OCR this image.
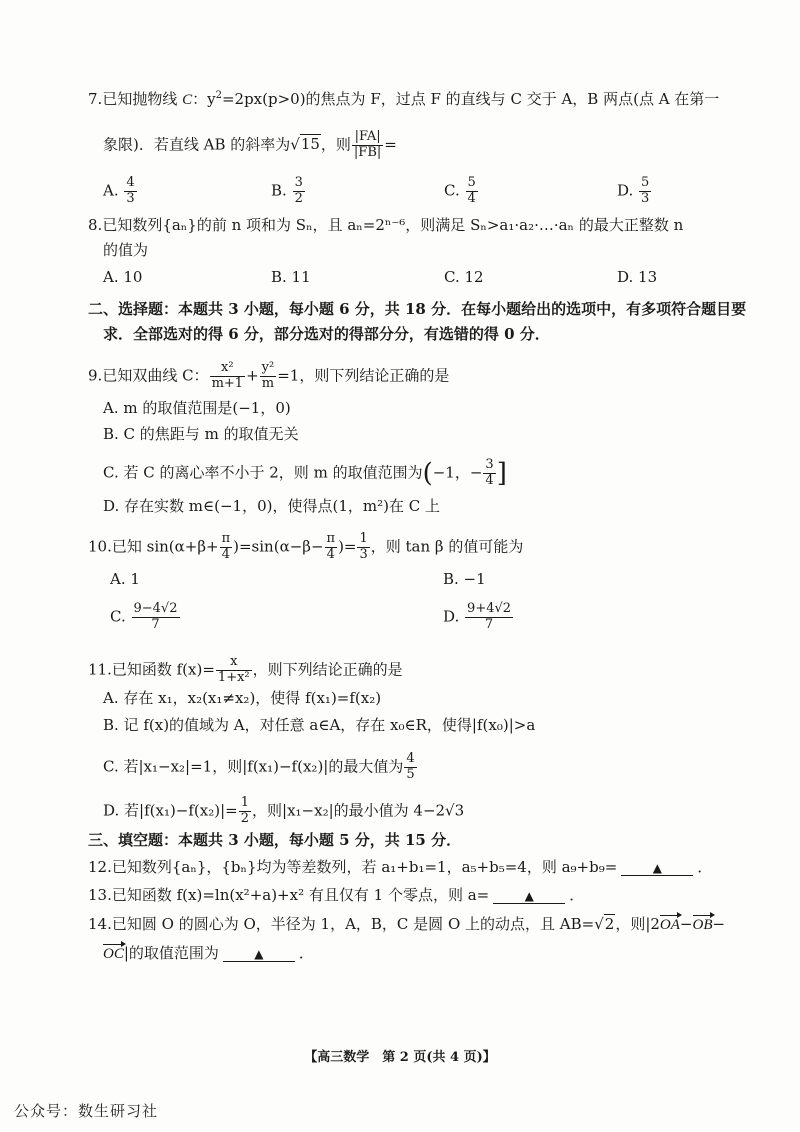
7.已知抛物线 C：$y^2=2px(p>0)$的焦点为 F，过点 F 的直线与 C 交于 A，B 两点(点 A 在第一
象限)．若直线 AB 的斜率为√15，则 $\frac{|FA|}{|FB|}$ =
A. $\frac{4}{3}$	B. $\frac{3}{2}$	C. $\frac{5}{4}$	D. $\frac{5}{3}$
8.已知数列{aₙ}的前 n 项和为 Sₙ，且 aₙ=2ⁿ⁻⁶，则满足 Sₙ>a₁·a₂·…·aₙ 的最大正整数 n
的值为
A. 10	B. 11	C. 12	D. 13
二、选择题：本题共 3 小题，每小题 6 分，共 18 分．在每小题给出的选项中，有多项符合题目要
求．全部选对的得 6 分，部分选对的得部分分，有选错的得 0 分．
9.已知双曲线 C： $\frac{\text{x²}}{m+1} + \frac{\text{y²}}{m} =1$，则下列结论正确的是
A. m 的取值范围是(−1，0)
B. C 的焦距与 m 的取值无关
C. 若 C 的离心率不小于 2，则 m 的取值范围为(−1，− $\frac{3}{4}$ ]
D. 存在实数 m∈(−1，0)，使得点(1，m²)在 C 上
10.已知 $\sin(\alpha+\beta+ \frac{\pi}{4} )=\sin(\alpha-\beta- \frac{\pi}{4}$ )= $\frac{1}{3}$ ，则 tan β 的值可能为
A. 1	B. −1
C. $\frac{9-4√2}{7}$	D. $\frac{9+4√2}{7}$
11.已知函数 $f(x)= \frac{x}{\text{1+x²}}$ ，则下列结论正确的是
A. 存在 x₁，x₂(x₁≠x₂)，使得 f(x₁)=f(x₂)
B. 记 f(x)的值域为 A，对任意 a∈A，存在 x₀∈R，使得|f(x₀)|>a
C. 若|x₁−x₂|=1，则|f(x₁)−f(x₂)|的最大值为 $\frac{4}{5}$
D. 若$|f(x_1)-f(x_2)|= \frac{1}{2}$ ，则|x₁−x₂|的最小值为 4−2√3
三、填空题：本题共 3 小题，每小题 5 分，共 15 分．
12.已知数列{aₙ}，{bₙ}均为等差数列，若 a₁+b₁=1，a₅+b₅=4，则 a₉+b₉=	▲ ．
13.已知函数 f(x)=ln(x²+a)+x² 有且仅有 1 个零点，则 a=	▲ ．
14.已知圆 O 的圆心为 O，半径为 1，A，B，C 是圆 O 上的动点，且 AB=√2，则|2OA−OB−
OC|的取值范围为	▲ ．
【高三数学　第 2 页(共 4 页)】
公众号：数生研习社
